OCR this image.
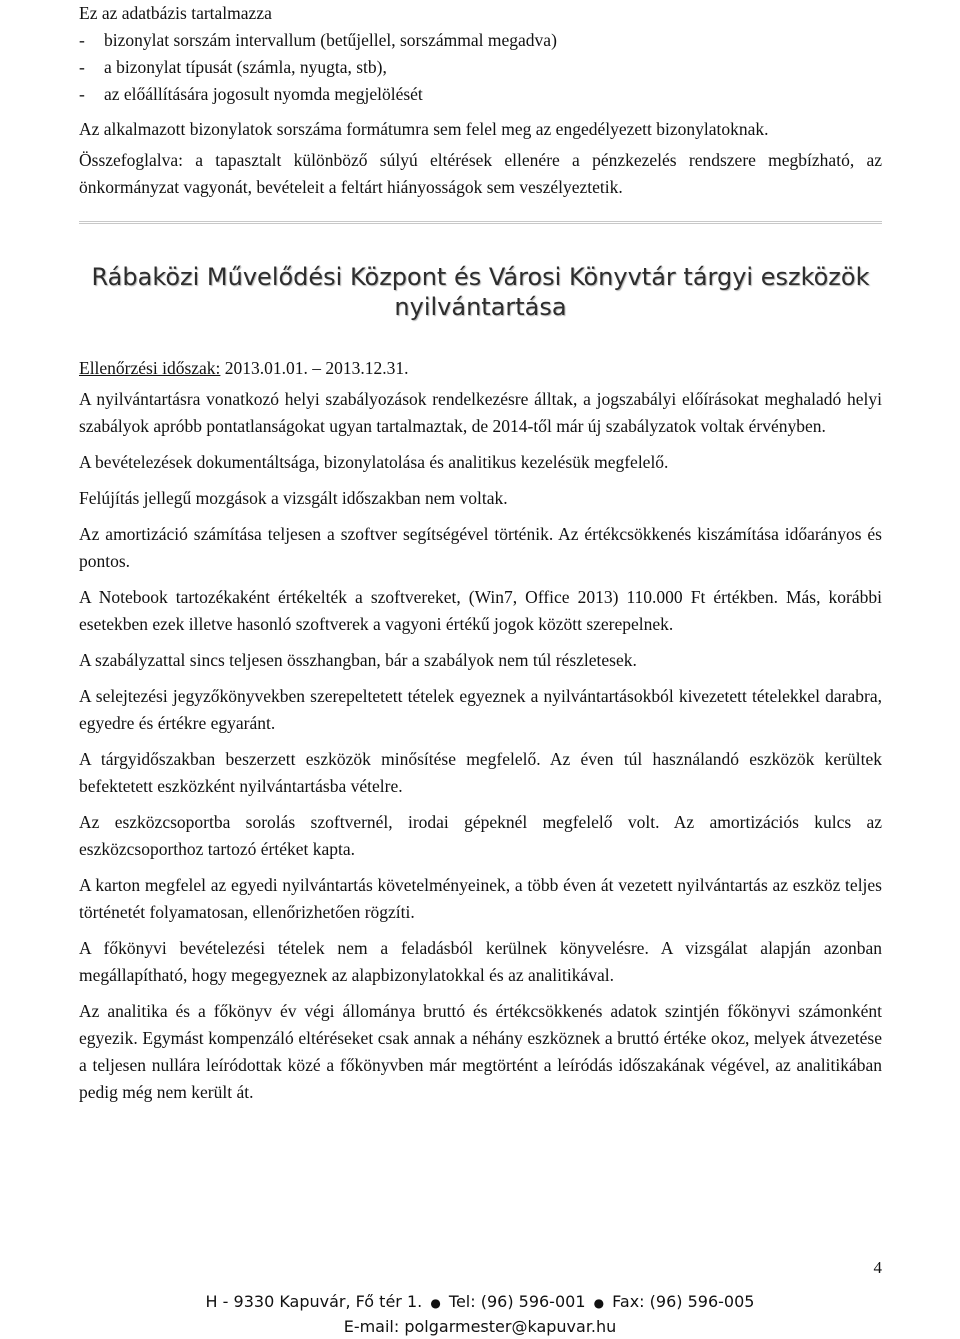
Ez az adatbázis tartalmazza

-	bizonylat sorszám intervallum (betűjellel, sorszámmal megadva)
-	a bizonylat típusát (számla, nyugta, stb),
-	az előállítására jogosult nyomda megjelölését

Az alkalmazott bizonylatok sorszáma formátumra sem felel meg az engedélyezett bizonylatoknak.

Összefoglalva: a tapasztalt különböző súlyú eltérések ellenére a pénzkezelés rendszere megbízható, az önkormányzat vagyonát, bevételeit a feltárt hiányosságok sem veszélyeztetik.

Rábaközi Művelődési Központ és Városi Könyvtár tárgyi eszközök nyilvántartása

Ellenőrzési időszak: 2013.01.01. – 2013.12.31.

A nyilvántartásra vonatkozó helyi szabályozások rendelkezésre álltak, a jogszabályi előírásokat meghaladó helyi szabályok apróbb pontatlanságokat ugyan tartalmaztak, de 2014-től már új szabályzatok voltak érvényben.

A bevételezések dokumentáltsága, bizonylatolása és analitikus kezelésük megfelelő.

Felújítás jellegű mozgások a vizsgált időszakban nem voltak.

Az amortizáció számítása teljesen a szoftver segítségével történik. Az értékcsökkenés kiszámítása időarányos és pontos.

A Notebook tartozékaként értékelték a szoftvereket, (Win7, Office 2013) 110.000 Ft értékben. Más, korábbi esetekben ezek illetve hasonló szoftverek a vagyoni értékű jogok között szerepelnek.

A szabályzattal sincs teljesen összhangban, bár a szabályok nem túl részletesek.

A selejtezési jegyzőkönyvekben szerepeltetett tételek egyeznek a nyilvántartásokból kivezetett tételekkel darabra, egyedre és értékre egyaránt.

A tárgyidőszakban beszerzett eszközök minősítése megfelelő. Az éven túl használandó eszközök kerültek befektetett eszközként nyilvántartásba vételre.

Az eszközcsoportba sorolás szoftvernél, irodai gépeknél megfelelő volt. Az amortizációs kulcs az eszközcsoporthoz tartozó értéket kapta.

A karton megfelel az egyedi nyilvántartás követelményeinek, a több éven át vezetett nyilvántartás az eszköz teljes történetét folyamatosan, ellenőrizhetően rögzíti.

A főkönyvi bevételezési tételek nem a feladásból kerülnek könyvelésre. A vizsgálat alapján azonban megállapítható, hogy megegyeznek az alapbizonylatokkal és az analitikával.

Az analitika és a főkönyv év végi állománya bruttó és értékcsökkenés adatok szintjén főkönyvi számonként egyezik. Egymást kompenzáló eltéréseket csak annak a néhány eszköznek a bruttó értéke okoz, melyek átvezetése a teljesen nullára leíródottak közé a főkönyvben már megtörtént a leíródás időszakának végével, az analitikában pedig még nem került át.

4
H - 9330 Kapuvár, Fő tér 1. ● Tel: (96) 596-001 ● Fax: (96) 596-005
E-mail: polgarmester@kapuvar.hu
